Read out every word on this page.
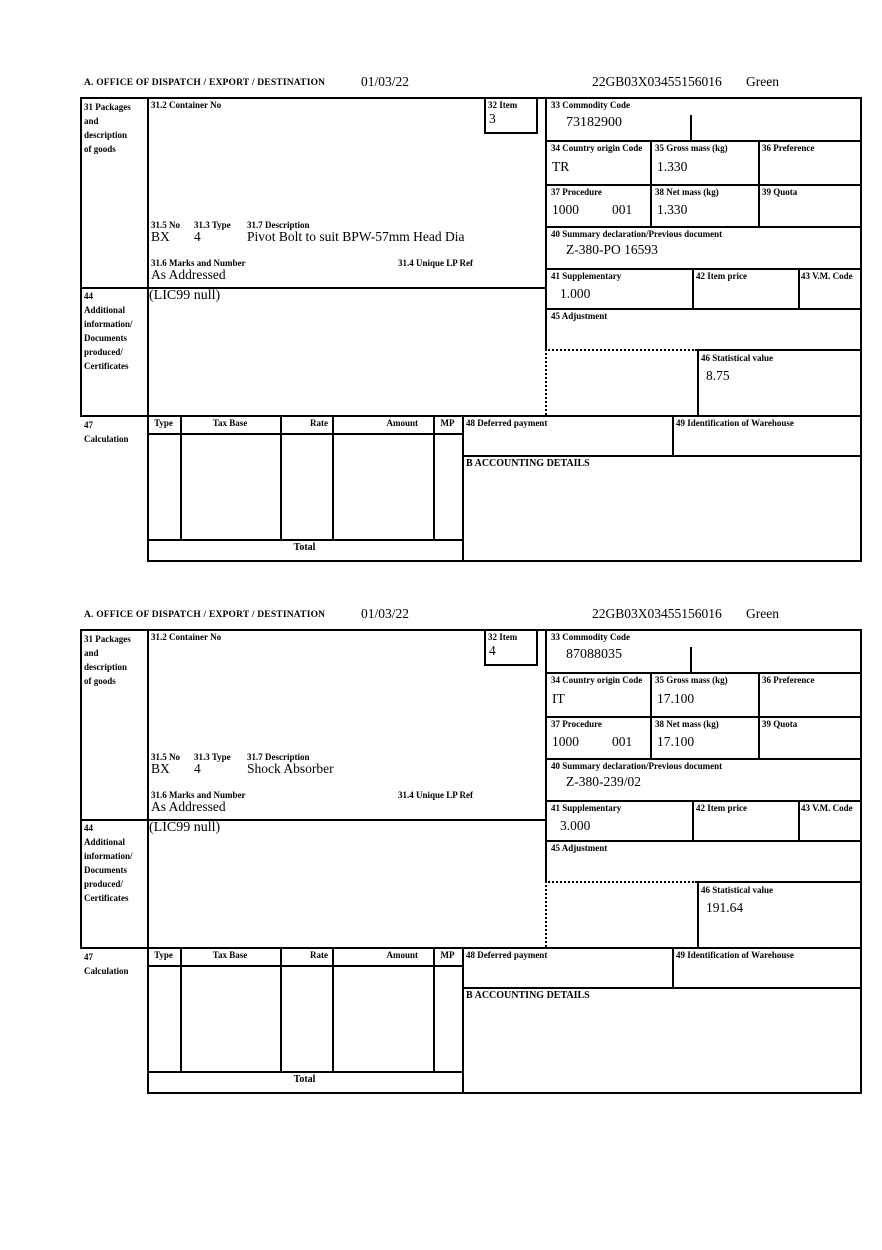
A. OFFICE OF DISPATCH / EXPORT / DESTINATION	01/03/22	22GB03X03455156016 Green
31 Packages
and
description
of goods
31.2 Container No	32 Item
3
31.5 No 31.3 Type 31.7 Description
BX 4	Pivot Bolt to suit BPW-57mm Head Dia
31.6 Marks and Number	31.4 Unique LP Ref
As Addressed
33 Commodity Code
73182900
34 Country origin Code
TR
35 Gross mass (kg)
1.330
36 Preference
37 Procedure
1000 001
38 Net mass (kg)
1.330
39 Quota
40 Summary declaration/Previous document
Z-380-PO 16593
41 Supplementary
1.000
42 Item price	43 V.M. Code
45 Adjustment
46 Statistical value
8.75
44
Additional
information/
Documents
produced/
Certificates
(LIC99 null)
47
Calculation
Type	Tax Base	Rate	Amount	MP
Total
48 Deferred payment	49 Identification of Warehouse
B ACCOUNTING DETAILS
A. OFFICE OF DISPATCH / EXPORT / DESTINATION	01/03/22	22GB03X03455156016 Green
31 Packages
and
description
of goods
31.2 Container No	32 Item
4
31.5 No 31.3 Type 31.7 Description
BX 4	Shock Absorber
31.6 Marks and Number	31.4 Unique LP Ref
As Addressed
33 Commodity Code
87088035
34 Country origin Code
IT
35 Gross mass (kg)
17.100
36 Preference
37 Procedure
1000 001
38 Net mass (kg)
17.100
39 Quota
40 Summary declaration/Previous document
Z-380-239/02
41 Supplementary
3.000
42 Item price	43 V.M. Code
45 Adjustment
46 Statistical value
191.64
44
Additional
information/
Documents
produced/
Certificates
(LIC99 null)
47
Calculation
Type	Tax Base	Rate	Amount	MP
Total
48 Deferred payment	49 Identification of Warehouse
B ACCOUNTING DETAILS
